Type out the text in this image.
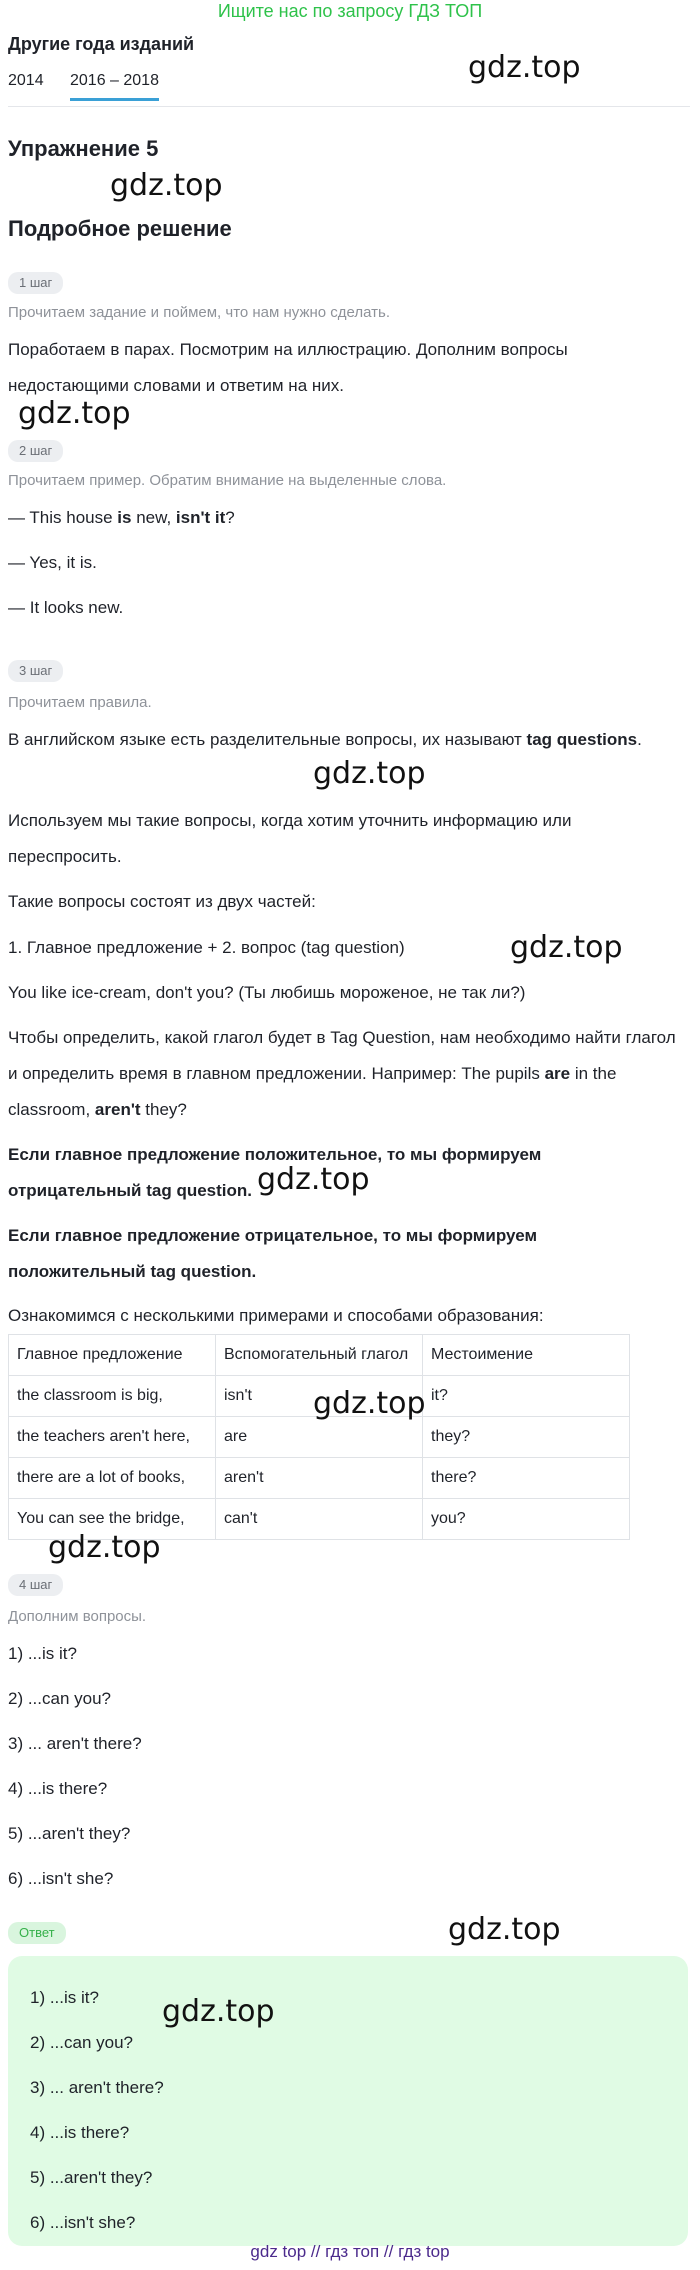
Ищите нас по запросу ГДЗ ТОП
Другие года изданий
2014 2016 – 2018	gdz.top
Упражнение 5
gdz.top
Подробное решение
1 шаг
Прочитаем задание и поймем, что нам нужно сделать.
Поработаем в парах. Посмотрим на иллюстрацию. Дополним вопросы недостающими словами и ответим на них.
gdz.top
2 шаг
Прочитаем пример. Обратим внимание на выделенные слова.
— This house is new, isn't it?
— Yes, it is.
— It looks new.
3 шаг
Прочитаем правила.
В английском языке есть разделительные вопросы, их называют tag questions.
gdz.top
Используем мы такие вопросы, когда хотим уточнить информацию или переспросить.
Такие вопросы состоят из двух частей:
1. Главное предложение + 2. вопрос (tag question)	gdz.top
You like ice-cream, don't you? (Ты любишь мороженое, не так ли?)
Чтобы определить, какой глагол будет в Tag Question, нам необходимо найти глагол и определить время в главном предложении. Например: The pupils are in the classroom, aren't they?
Если главное предложение положительное, то мы формируем отрицательный tag question. gdz.top
Если главное предложение отрицательное, то мы формируем положительный tag question.
Ознакомимся с несколькими примерами и способами образования:
Главное предложение	Вспомогательный глагол	Местоимение
the classroom is big,	isn't	it?
the teachers aren't here,	are	they?
there are a lot of books,	aren't	there?
You can see the bridge,	can't	you?
gdz.top
gdz.top
4 шаг
Дополним вопросы.
1) ...is it?
2) ...can you?
3) ... aren't there?
4) ...is there?
5) ...aren't they?
6) ...isn't she?
Ответ	gdz.top
1) ...is it?
2) ...can you?
3) ... aren't there?
4) ...is there?
5) ...aren't they?
6) ...isn't she?
gdz.top
gdz top // гдз топ // гдз top
